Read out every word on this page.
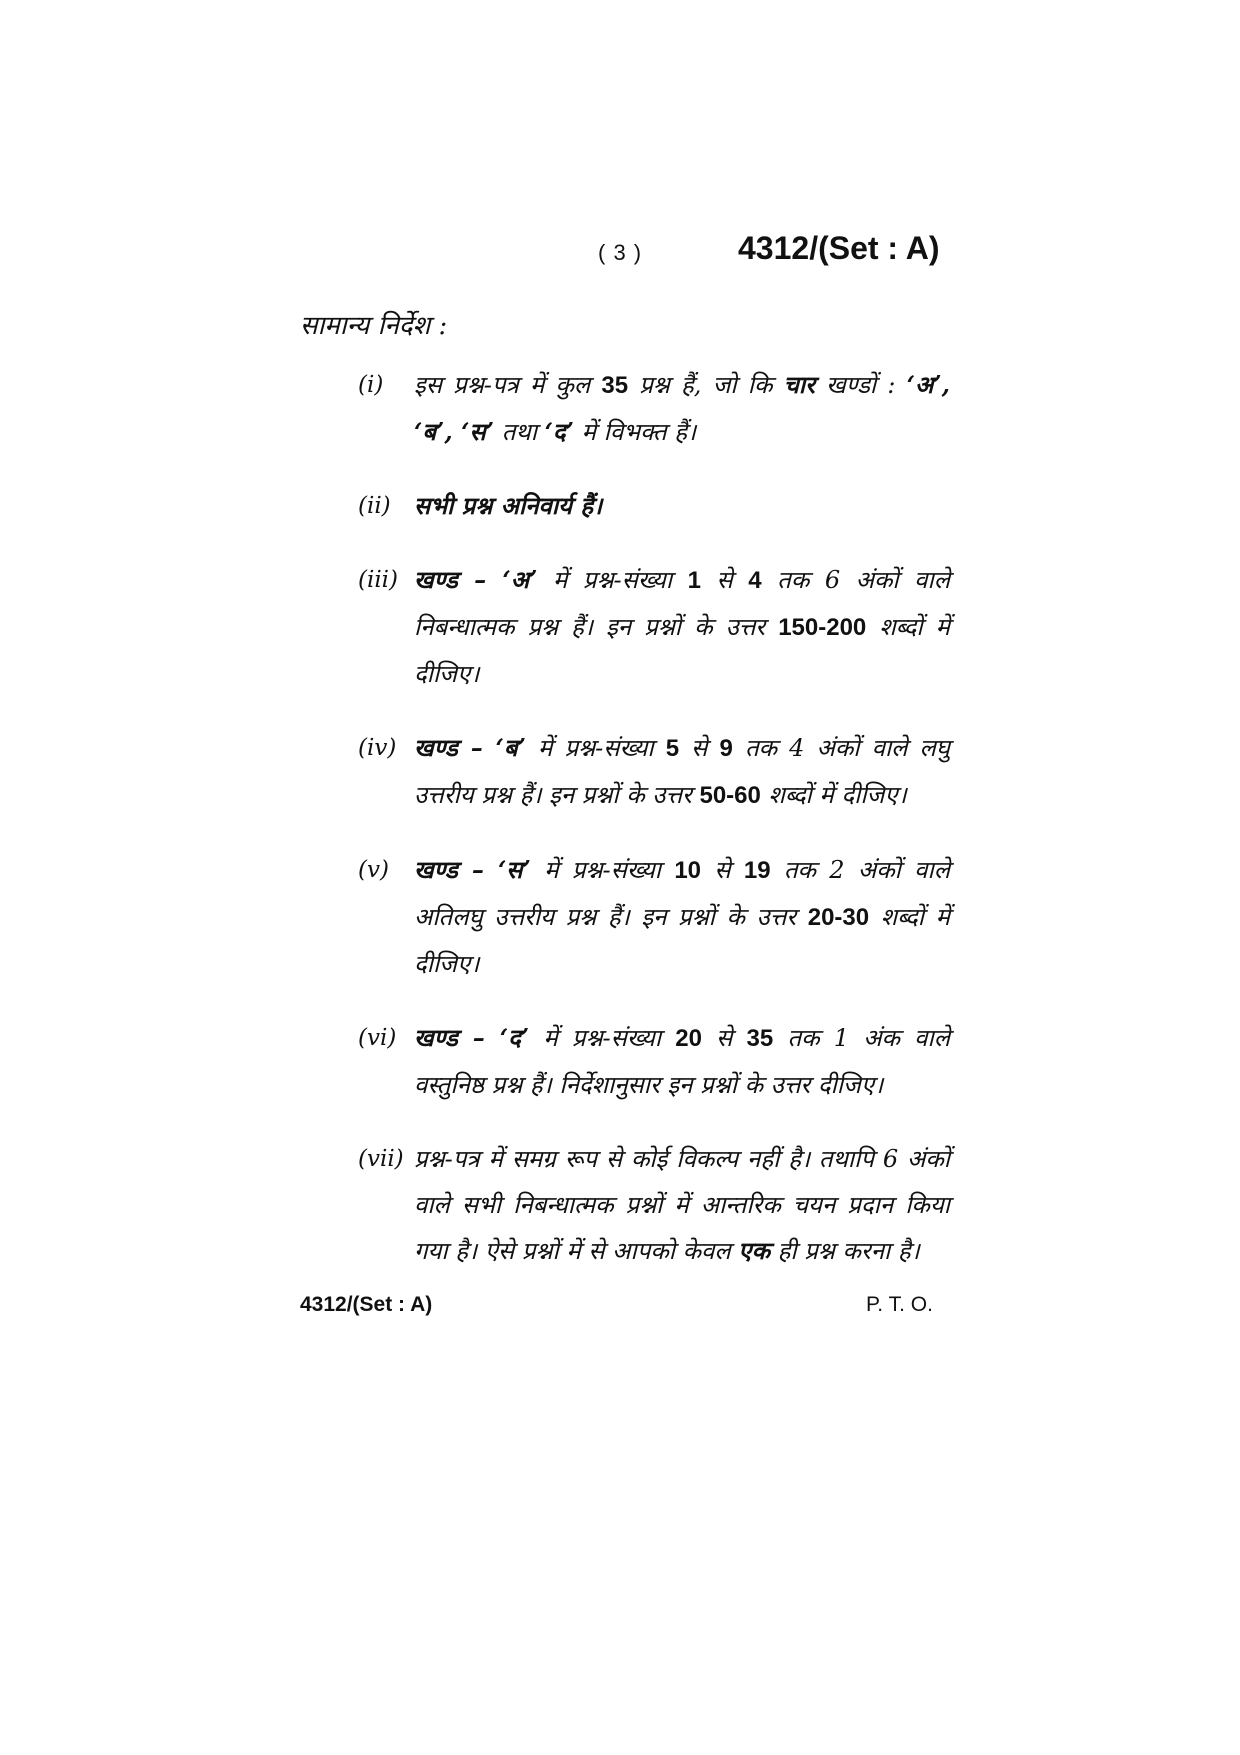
( 3 )	4312/(Set : A)
सामान्य निर्देश :
(i)	इस प्रश्न-पत्र में कुल 35 प्रश्न हैं, जो कि चार खण्डों : ‘अ’, ‘ब’, ‘स’ तथा ‘द’ में विभक्त हैं।
(ii) सभी प्रश्न अनिवार्य हैं।
(iii) खण्ड – ‘अ’ में प्रश्न-संख्या 1 से 4 तक 6 अंकों वाले निबन्धात्मक प्रश्न हैं। इन प्रश्नों के उत्तर 150-200 शब्दों में दीजिए।
(iv) खण्ड – ‘ब’ में प्रश्न-संख्या 5 से 9 तक 4 अंकों वाले लघु उत्तरीय प्रश्न हैं। इन प्रश्नों के उत्तर 50-60 शब्दों में दीजिए।
(v)	खण्ड – ‘स’ में प्रश्न-संख्या 10 से 19 तक 2 अंकों वाले अतिलघु उत्तरीय प्रश्न हैं। इन प्रश्नों के उत्तर 20-30 शब्दों में दीजिए।
(vi) खण्ड – ‘द’ में प्रश्न-संख्या 20 से 35 तक 1 अंक वाले वस्तुनिष्ठ प्रश्न हैं। निर्देशानुसार इन प्रश्नों के उत्तर दीजिए।
(vii) प्रश्न-पत्र में समग्र रूप से कोई विकल्प नहीं है। तथापि 6 अंकों वाले सभी निबन्धात्मक प्रश्नों में आन्तरिक चयन प्रदान किया गया है। ऐसे प्रश्नों में से आपको केवल एक ही प्रश्न करना है।
4312/(Set : A)	P. T. O.
